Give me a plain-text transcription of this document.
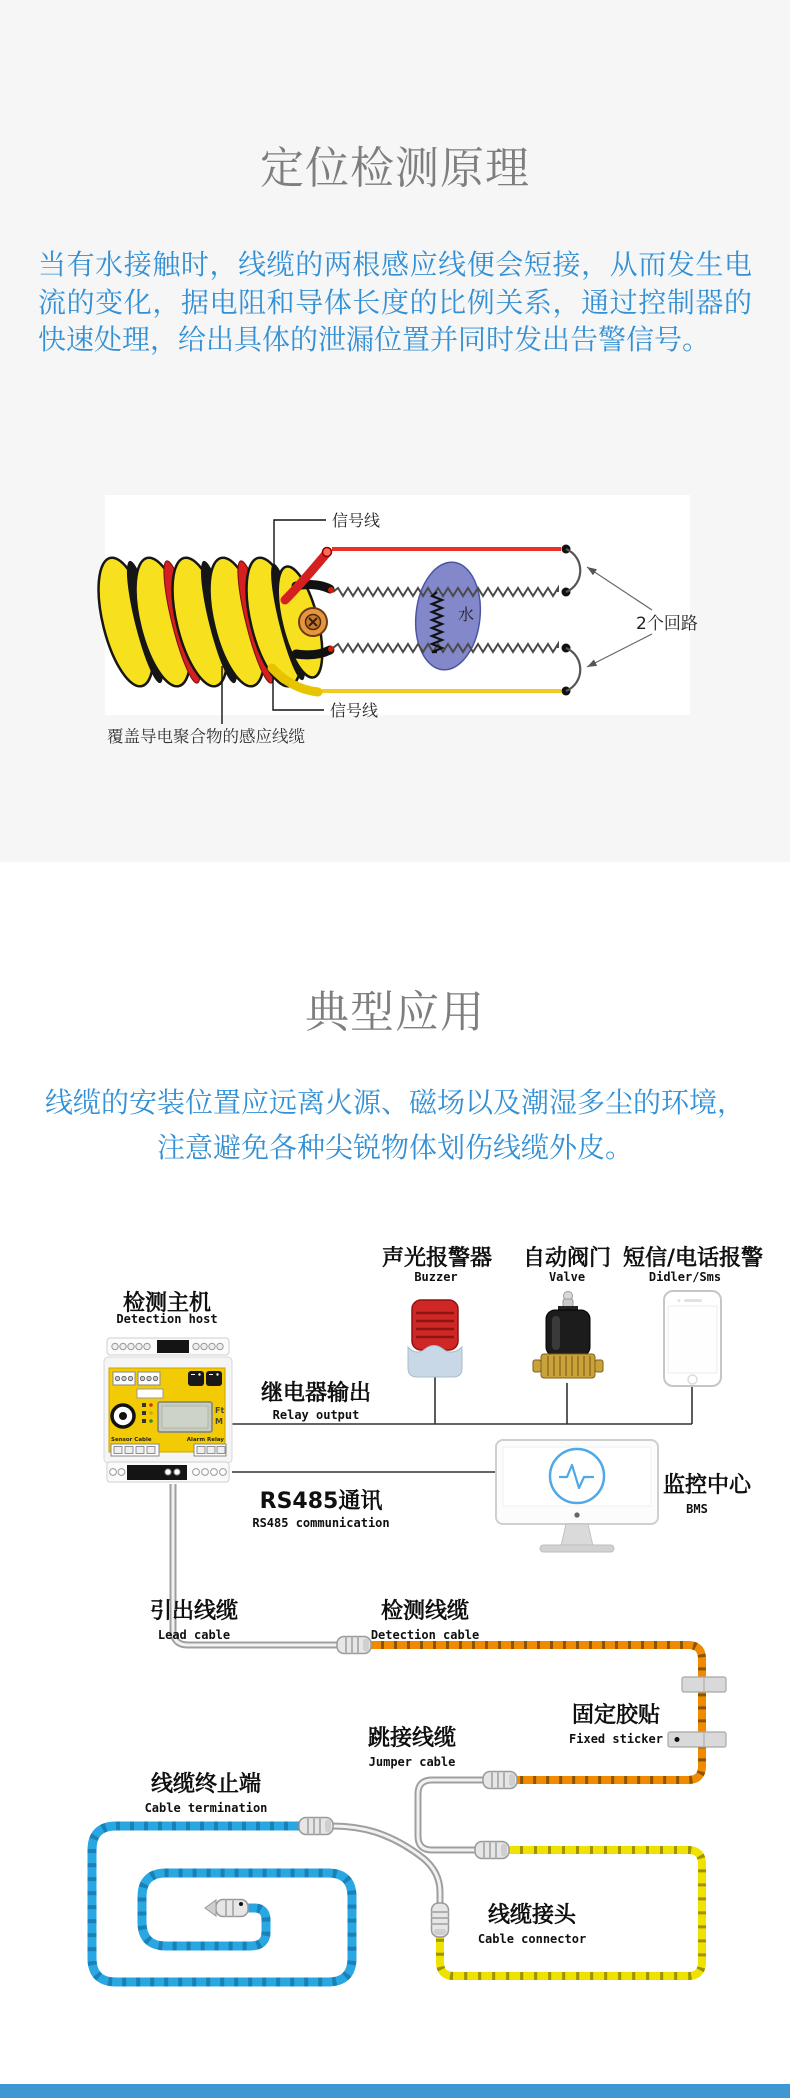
定位检测原理
当有水接触时，线缆的两根感应线便会短接，从而发生电
流的变化，据电阻和导体长度的比例关系，通过控制器的
快速处理，给出具体的泄漏位置并同时发出告警信号。
水	2个回路
信号线
信号线
覆盖导电聚合物的感应线缆
典型应用
线缆的安装位置应远离火源、磁场以及潮湿多尘的环境，
注意避免各种尖锐物体划伤线缆外皮。
Ft
M
Sensor Cable	Alarm Relay
检测主机
Detection host
声光报警器
Buzzer
自动阀门
Valve
短信/电话报警
Didler/Sms
继电器输出
Relay output
RS485通讯
RS485 communication
监控中心
BMS
引出线缆
Lead cable
检测线缆
Detection cable
跳接线缆
Jumper cable
固定胶贴
Fixed sticker
线缆终止端
Cable termination
线缆接头
Cable connector
